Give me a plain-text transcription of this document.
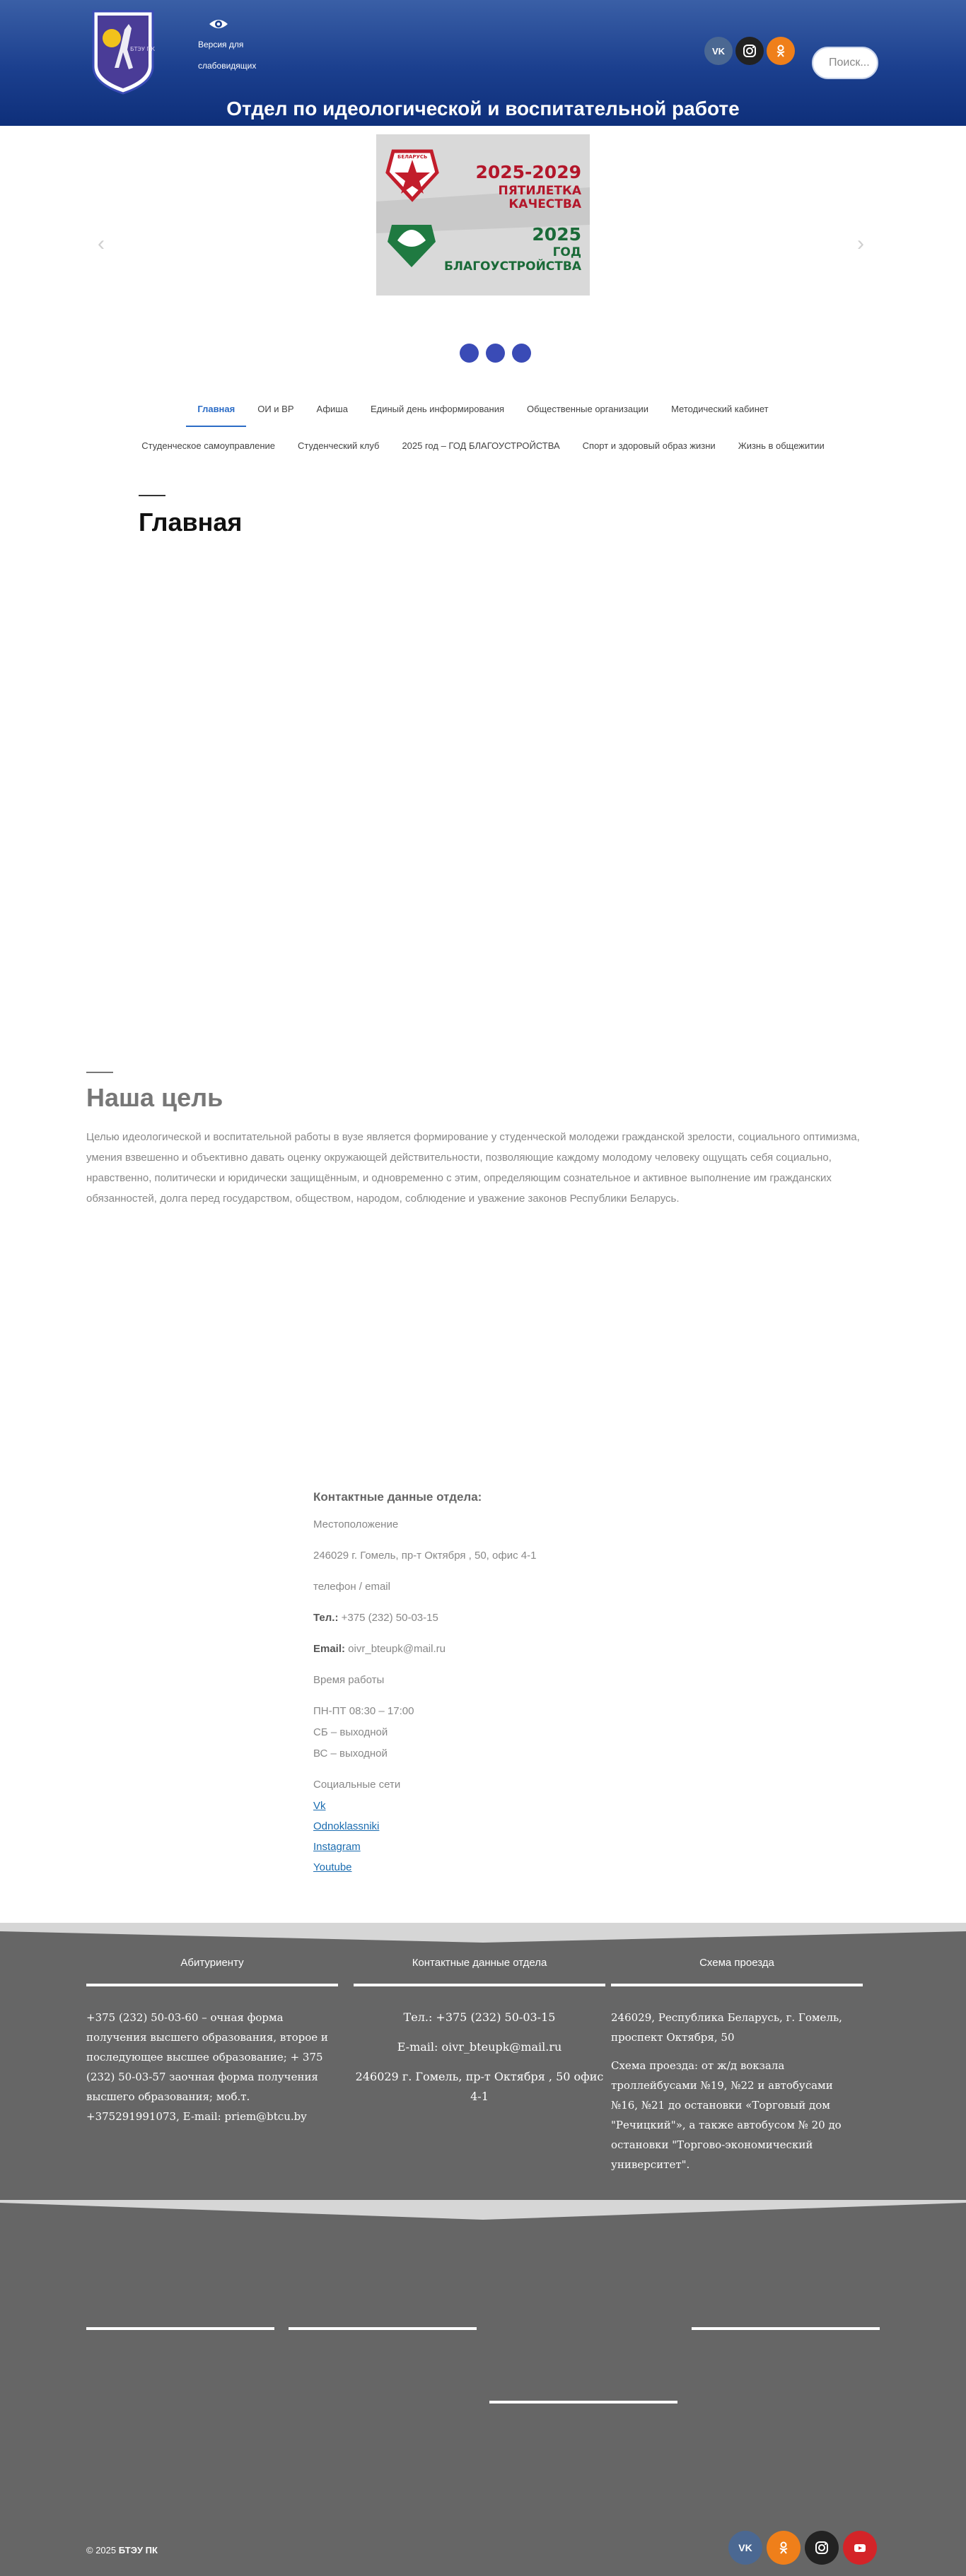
БТЭУ ПК	Версия для слабовидящих
VK
Поиск...
Отдел по идеологической и воспитательной работе
‹
БЕЛАРУСЬ
2025-2029
ПЯТИЛЕТКА
КАЧЕСТВА
2025
ГОД
БЛАГОУСТРОЙСТВА
›
Главная	ОИ и ВР	Афиша	Единый день информирования	Общественные организации	Методический кабинет
Студенческое самоуправление	Студенческий клуб	2025 год – ГОД БЛАГОУСТРОЙСТВА	Спорт и здоровый образ жизни	Жизнь в общежитии
Главная
Наша цель

Целью идеологической и воспитательной работы в вузе является формирование у студенческой молодежи гражданской зрелости, социального оптимизма, умения взвешенно и объективно давать оценку окружающей действительности, позволяющие каждому молодому человеку ощущать себя социально, нравственно, политически и юридически защищённым, и одновременно с этим, определяющим сознательное и активное выполнение им гражданских обязанностей, долга перед государством, обществом, народом, соблюдение и уважение законов Республики Беларусь.

Контактные данные отдела:

Местоположение

246029 г. Гомель, пр-т Октября , 50, офис 4-1

телефон / email

Тел.: +375 (232) 50-03-15

Email: oivr_bteupk@mail.ru

Время работы

ПН-ПТ 08:30 – 17:00

СБ – выходной

ВС – выходной

Социальные сети

Vk
Odnoklassniki
Instagram
Youtube
Абитуриенту
+375 (232) 50-03-60 – очная форма получения высшего образования, второе и последующее высшее образование; + 375 (232) 50-03-57 заочная форма получения высшего образования; моб.т. +375291991073, E-mail: priem@btcu.by
Контактные данные отдела
Тел.: +375 (232) 50-03-15
E-mail: oivr_bteupk@mail.ru
246029 г. Гомель, пр-т Октября , 50 офис 4-1
Схема проезда
246029, Республика Беларусь, г. Гомель, проспект Октября, 50
Схема проезда: от ж/д вокзала троллейбусами №19, №22 и автобусами №16, №21 до остановки «Торговый дом "Речицкий"», а также автобусом № 20 до остановки "Торгово-экономический университет".
© 2025 БТЭУ ПК	VK
